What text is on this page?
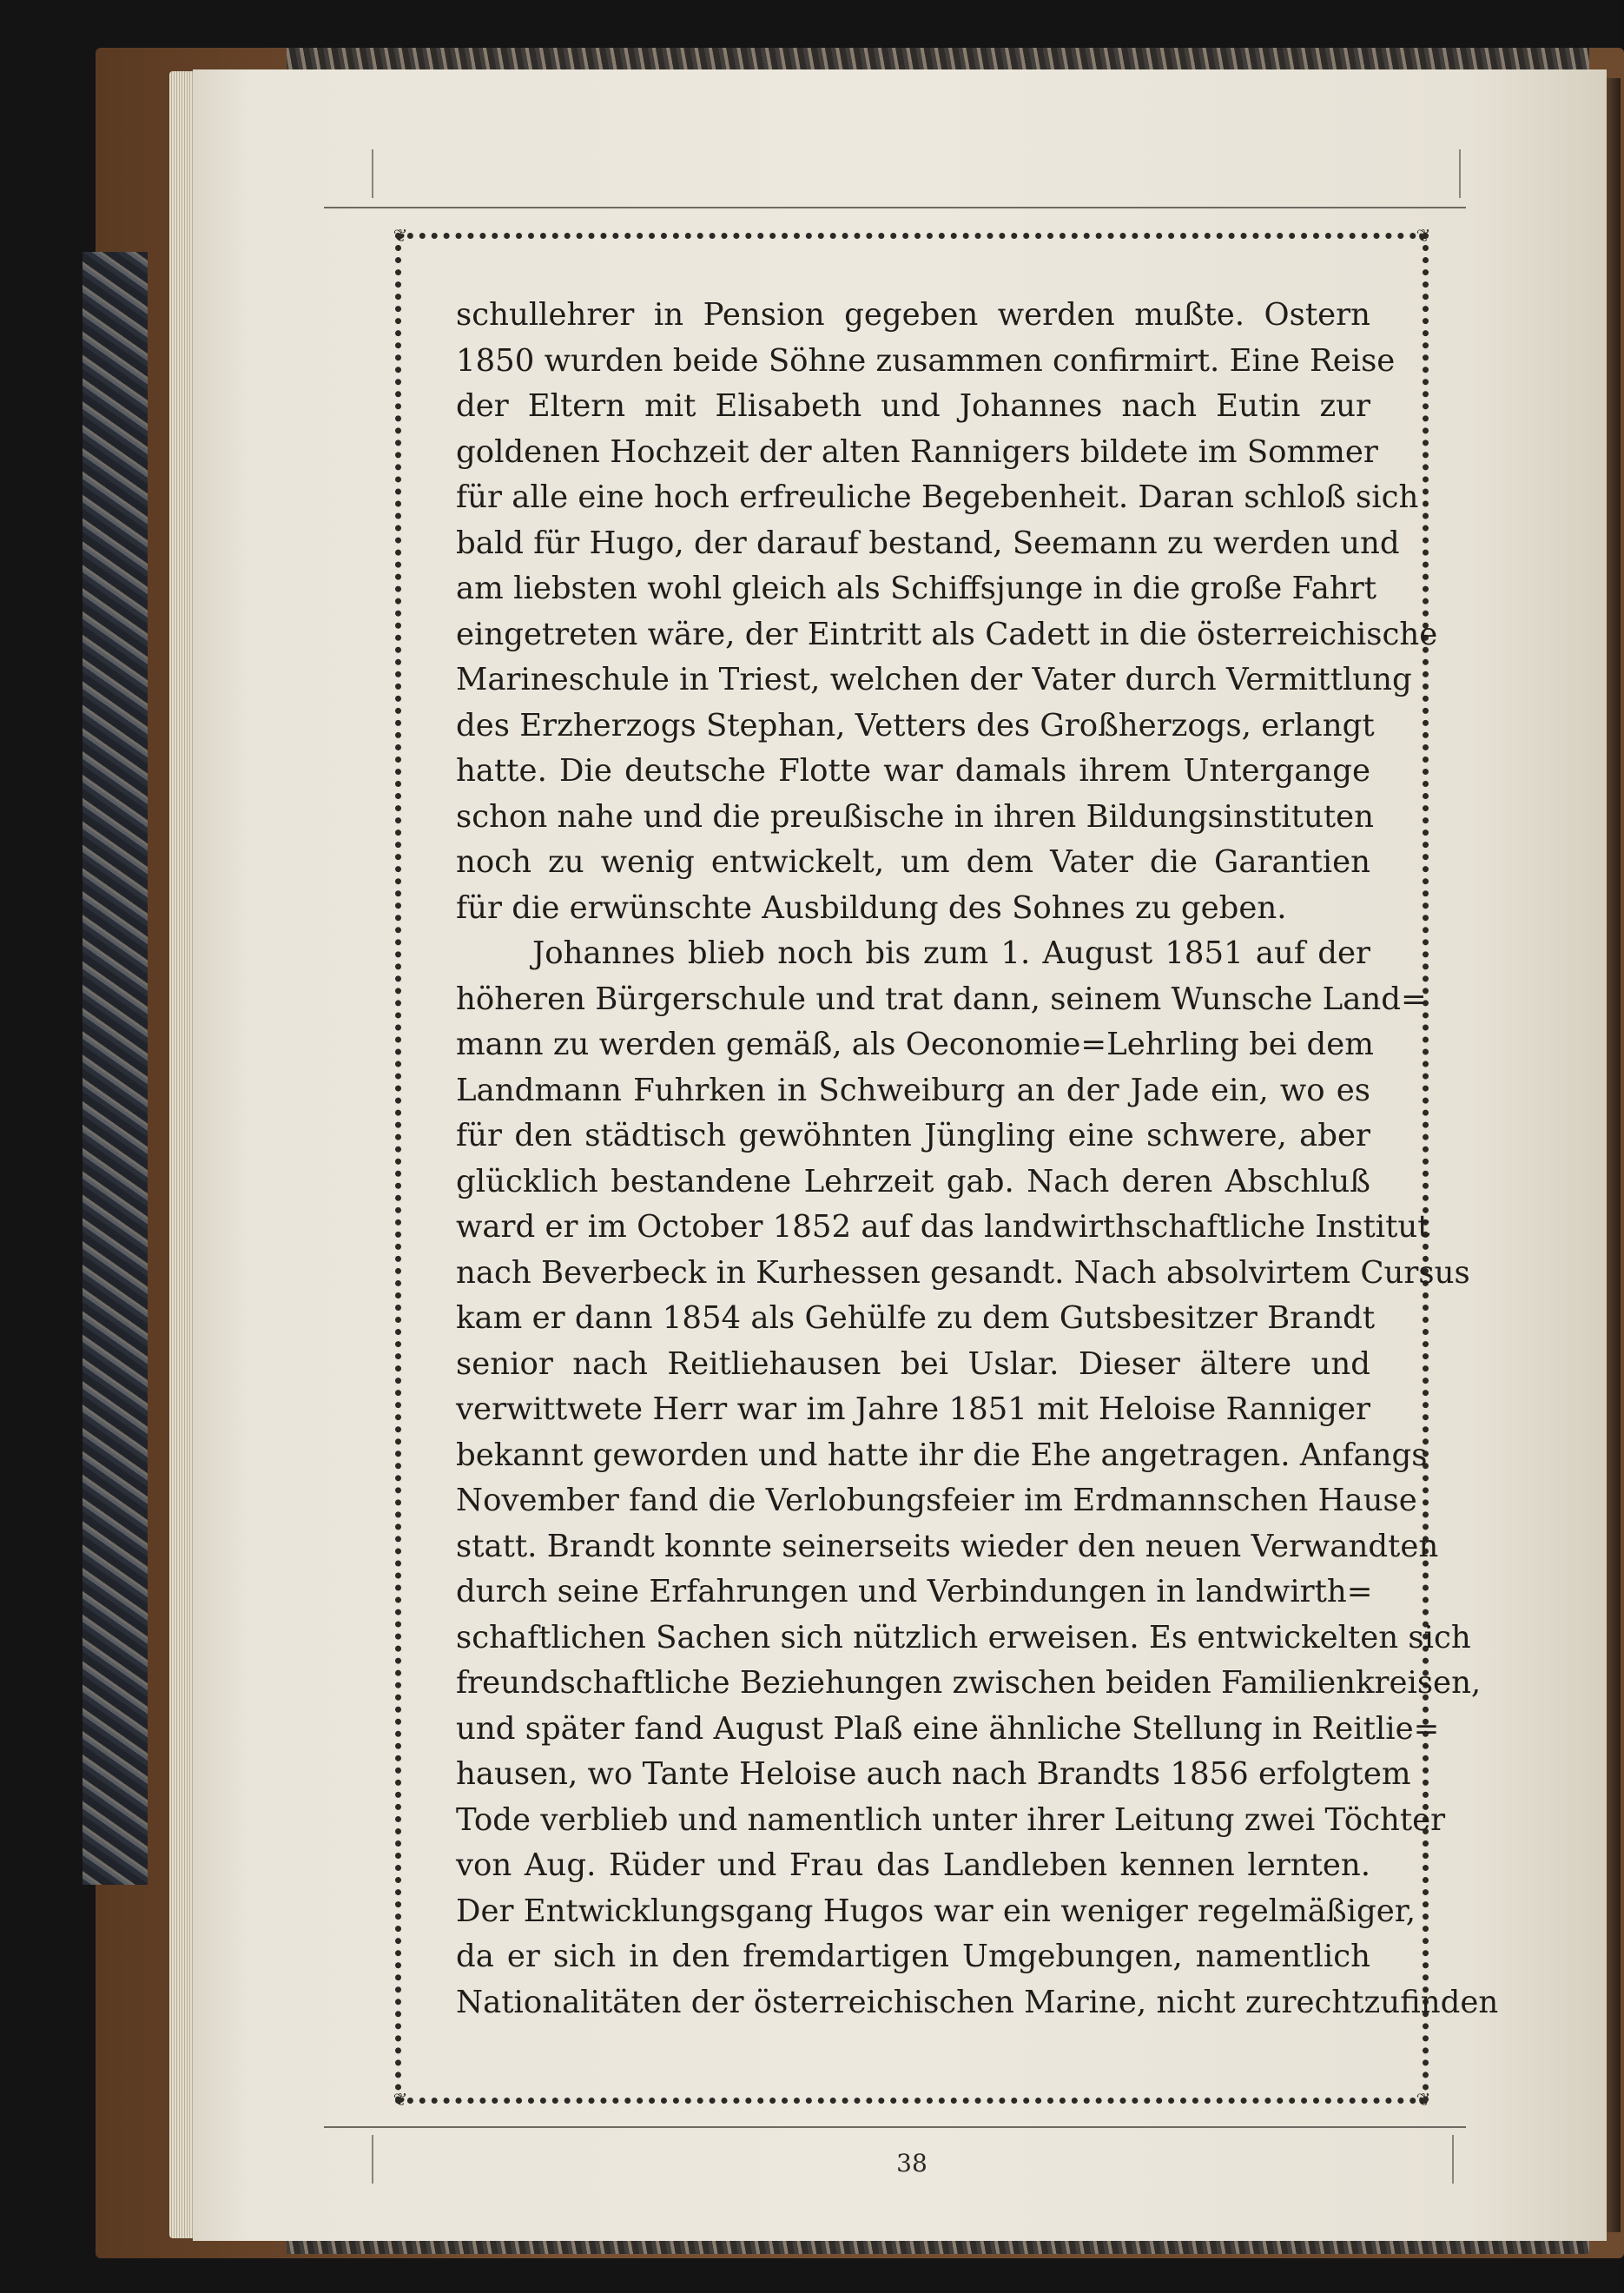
❦	❦
❦	❦
schullehrer in Pension gegeben werden mußte. Ostern
1850 wurden beide Söhne zusammen confirmirt. Eine Reise
der Eltern mit Elisabeth und Johannes nach Eutin zur
goldenen Hochzeit der alten Rannigers bildete im Sommer
für alle eine hoch erfreuliche Begebenheit. Daran schloß sich
bald für Hugo, der darauf bestand, Seemann zu werden und
am liebsten wohl gleich als Schiffsjunge in die große Fahrt
eingetreten wäre, der Eintritt als Cadett in die österreichische
Marineschule in Triest, welchen der Vater durch Vermittlung
des Erzherzogs Stephan, Vetters des Großherzogs, erlangt
hatte. Die deutsche Flotte war damals ihrem Untergange
schon nahe und die preußische in ihren Bildungsinstituten
noch zu wenig entwickelt, um dem Vater die Garantien
für die erwünschte Ausbildung des Sohnes zu geben.
Johannes blieb noch bis zum 1. August 1851 auf der
höheren Bürgerschule und trat dann, seinem Wunsche Land=
mann zu werden gemäß, als Oeconomie=Lehrling bei dem
Landmann Fuhrken in Schweiburg an der Jade ein, wo es
für den städtisch gewöhnten Jüngling eine schwere, aber
glücklich bestandene Lehrzeit gab. Nach deren Abschluß
ward er im October 1852 auf das landwirthschaftliche Institut
nach Beverbeck in Kurhessen gesandt. Nach absolvirtem Cursus
kam er dann 1854 als Gehülfe zu dem Gutsbesitzer Brandt
senior nach Reitliehausen bei Uslar. Dieser ältere und
verwittwete Herr war im Jahre 1851 mit Heloise Ranniger
bekannt geworden und hatte ihr die Ehe angetragen. Anfangs
November fand die Verlobungsfeier im Erdmannschen Hause
statt. Brandt konnte seinerseits wieder den neuen Verwandten
durch seine Erfahrungen und Verbindungen in landwirth=
schaftlichen Sachen sich nützlich erweisen. Es entwickelten sich
freundschaftliche Beziehungen zwischen beiden Familienkreisen,
und später fand August Plaß eine ähnliche Stellung in Reitlie=
hausen, wo Tante Heloise auch nach Brandts 1856 erfolgtem
Tode verblieb und namentlich unter ihrer Leitung zwei Töchter
von Aug. Rüder und Frau das Landleben kennen lernten.
Der Entwicklungsgang Hugos war ein weniger regelmäßiger,
da er sich in den fremdartigen Umgebungen, namentlich
Nationalitäten der österreichischen Marine, nicht zurechtzufinden
38
